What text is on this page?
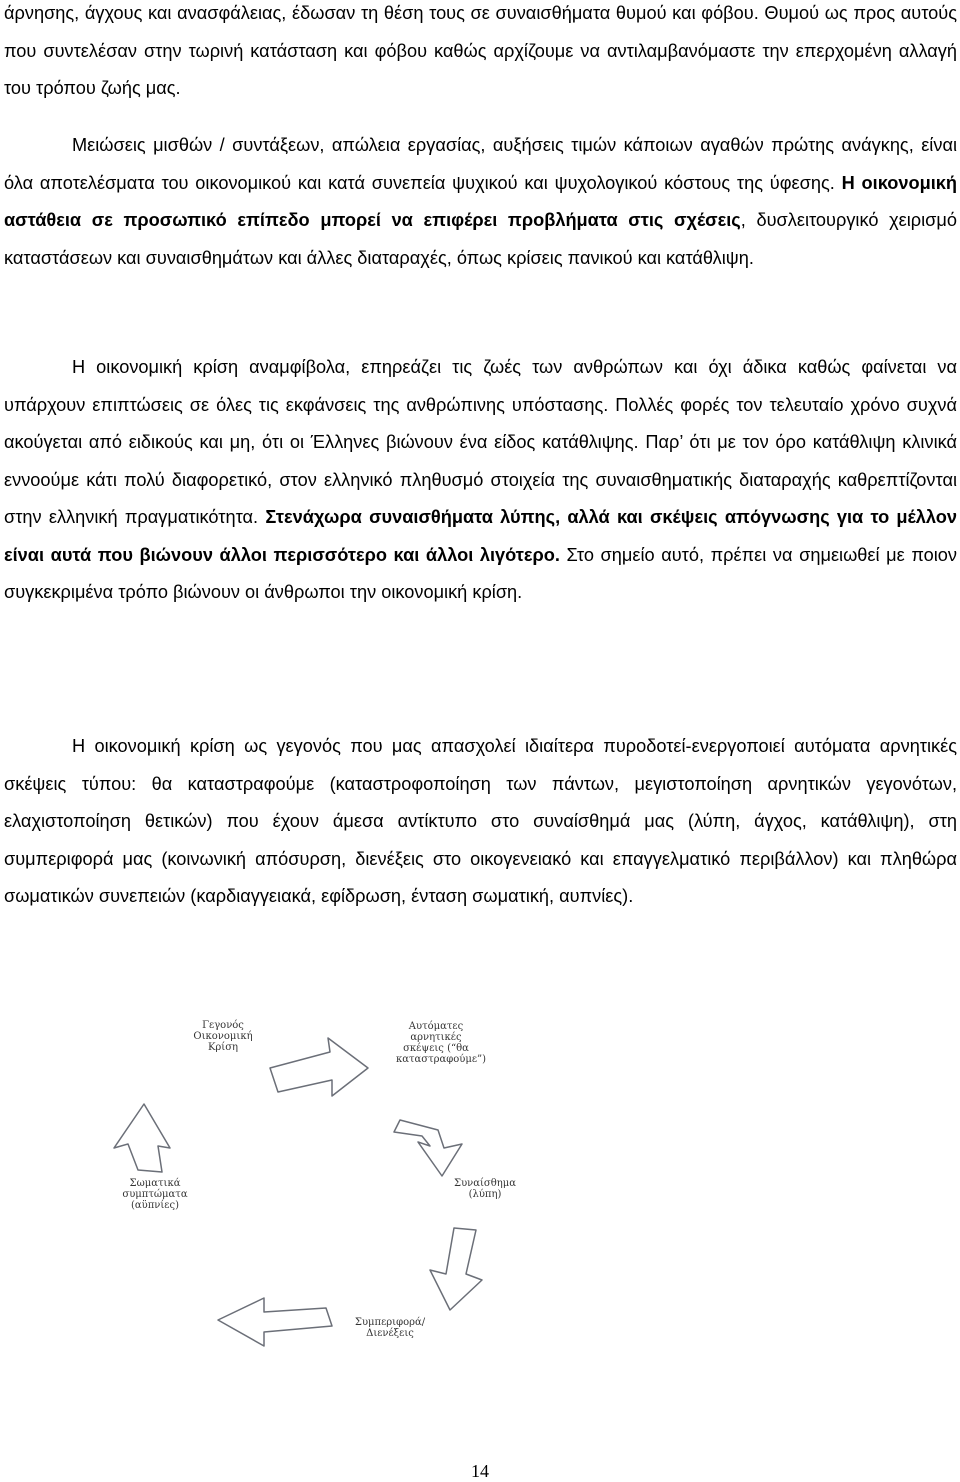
άρνησης, άγχους και ανασφάλειας, έδωσαν τη θέση τους σε συναισθήματα θυμού και φόβου. Θυμού ως προς αυτούς που συντελέσαν στην τωρινή κατάσταση και φόβου καθώς αρχίζουμε να αντιλαμβανόμαστε την επερχομένη αλλαγή του τρόπου ζωής μας.

Μειώσεις μισθών / συντάξεων, απώλεια εργασίας, αυξήσεις τιμών κάποιων αγαθών πρώτης ανάγκης, είναι όλα αποτελέσματα του οικονομικού και κατά συνεπεία ψυχικού και ψυχολογικού κόστους της ύφεσης. Η οικονομική αστάθεια σε προσωπικό επίπεδο μπορεί να επιφέρει προβλήματα στις σχέσεις, δυσλειτουργικό χειρισμό καταστάσεων και συναισθημάτων και άλλες διαταραχές, όπως κρίσεις πανικού και κατάθλιψη.

Η οικονομική κρίση αναμφίβολα, επηρεάζει τις ζωές των ανθρώπων και όχι άδικα καθώς φαίνεται να υπάρχουν επιπτώσεις σε όλες τις εκφάνσεις της ανθρώπινης υπόστασης. Πολλές φορές τον τελευταίο χρόνο συχνά ακούγεται από ειδικούς και μη, ότι οι Έλληνες βιώνουν ένα είδος κατάθλιψης. Παρ’ ότι με τον όρο κατάθλιψη κλινικά εννοούμε κάτι πολύ διαφορετικό, στον ελληνικό πληθυσμό στοιχεία της συναισθηματικής διαταραχής καθρεπτίζονται στην ελληνική πραγματικότητα. Στενάχωρα συναισθήματα λύπης, αλλά και σκέψεις απόγνωσης για το μέλλον είναι αυτά που βιώνουν άλλοι περισσότερο και άλλοι λιγότερο. Στο σημείο αυτό, πρέπει να σημειωθεί με ποιον συγκεκριμένα τρόπο βιώνουν οι άνθρωποι την οικονομική κρίση.

Η οικονομική κρίση ως γεγονός που μας απασχολεί ιδιαίτερα πυροδοτεί-ενεργοποιεί αυτόματα αρνητικές σκέψεις τύπου: θα καταστραφούμε (καταστροφοποίηση των πάντων, μεγιστοποίηση αρνητικών γεγονότων, ελαχιστοποίηση θετικών) που έχουν άμεσα αντίκτυπο στο συναίσθημά μας (λύπη, άγχος, κατάθλιψη), στη συμπεριφορά μας (κοινωνική απόσυρση, διενέξεις στο οικογενειακό και επαγγελματικό περιβάλλον) και πληθώρα σωματικών συνεπειών (καρδιαγγειακά, εφίδρωση, ένταση σωματική, αυπνίες).

Γεγονός
Οικονομική
Κρίση
Αυτόματες
αρνητικές
σκέψεις (“θα
καταστραφούμε”)
Συναίσθημα
(λύπη)
Συμπεριφορά/
Διενέξεις
Σωματικά
συμπτώματα
(αϋπνίες)
14
